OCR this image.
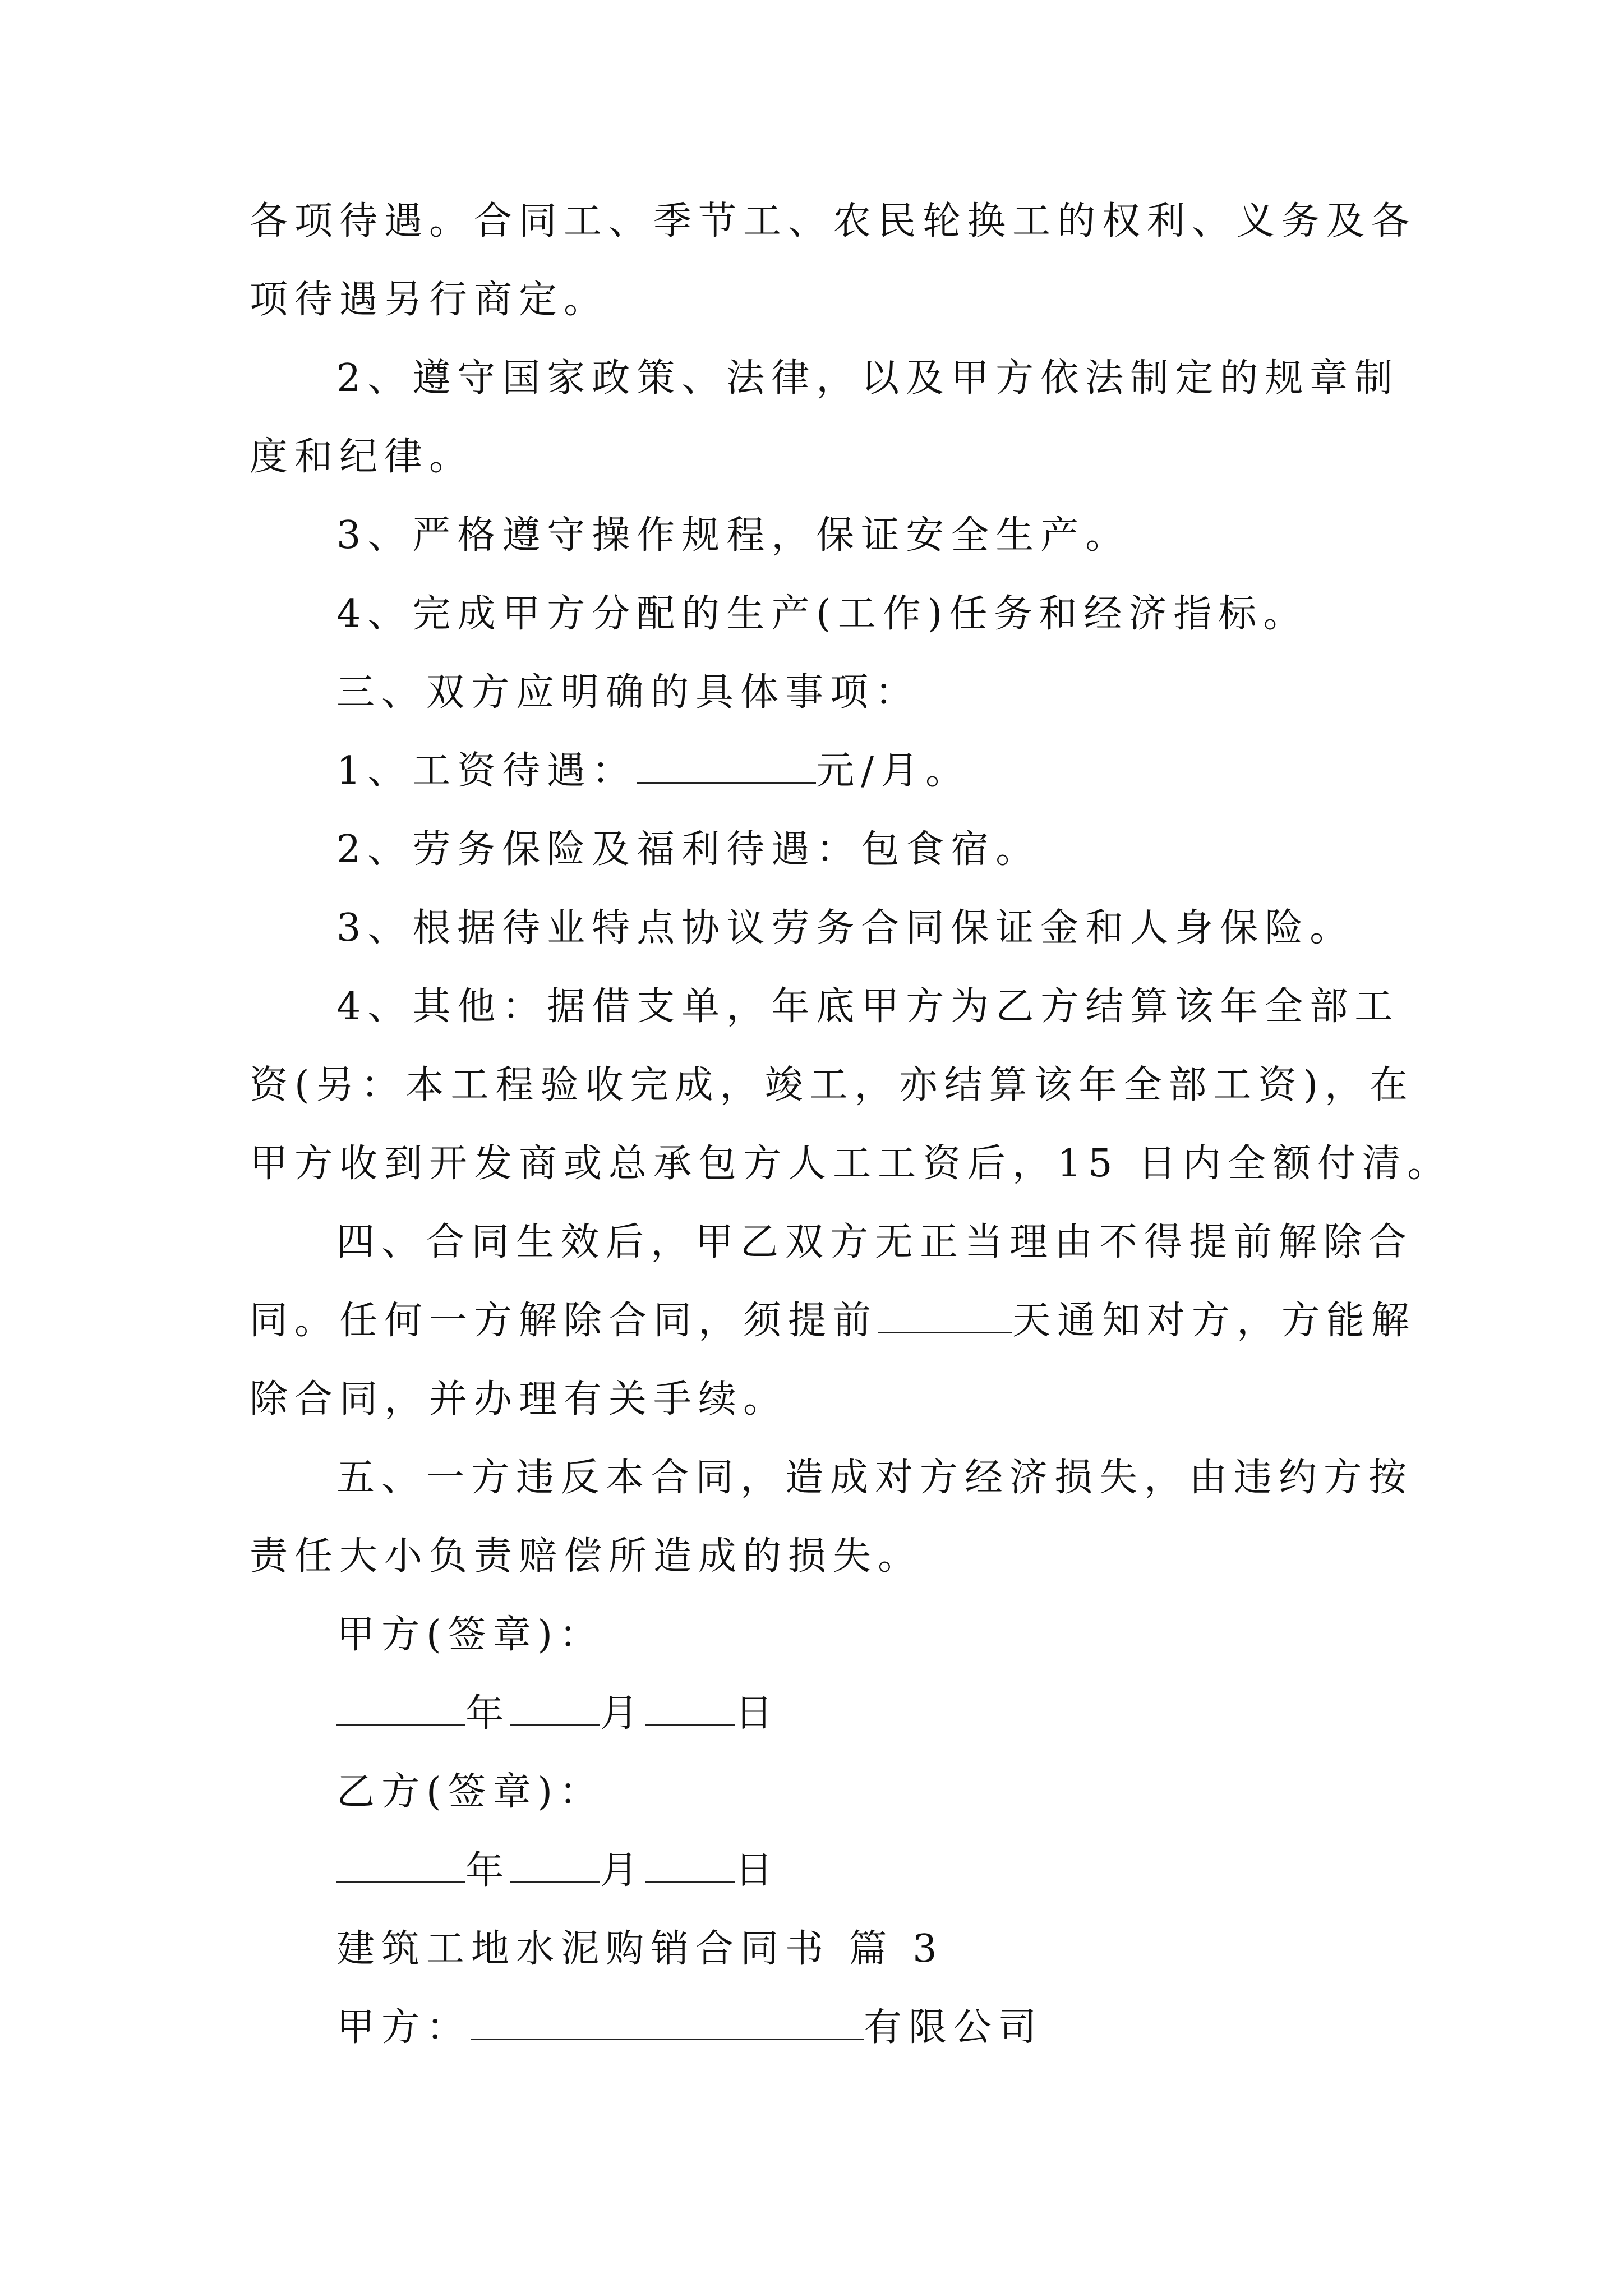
各项待遇。合同工、季节工、农民轮换工的权利、义务及各
项待遇另行商定。
2、遵守国家政策、法律，以及甲方依法制定的规章制
度和纪律。
3、严格遵守操作规程，保证安全生产。
4、完成甲方分配的生产(工作)任务和经济指标。
三、双方应明确的具体事项：
1、工资待遇：	元/月。
2、劳务保险及福利待遇：包食宿。
3、根据待业特点协议劳务合同保证金和人身保险。
4、其他：据借支单，年底甲方为乙方结算该年全部工
资(另：本工程验收完成，竣工，亦结算该年全部工资)，在
甲方收到开发商或总承包方人工工资后，15 日内全额付清。
四、合同生效后，甲乙双方无正当理由不得提前解除合
同。任何一方解除合同，须提前	天通知对方，方能解
除合同，并办理有关手续。
五、一方违反本合同，造成对方经济损失，由违约方按
责任大小负责赔偿所造成的损失。
甲方(签章)：
年 月 日
乙方(签章)：
年 月 日
建筑工地水泥购销合同书 篇 3
甲方：	有限公司
